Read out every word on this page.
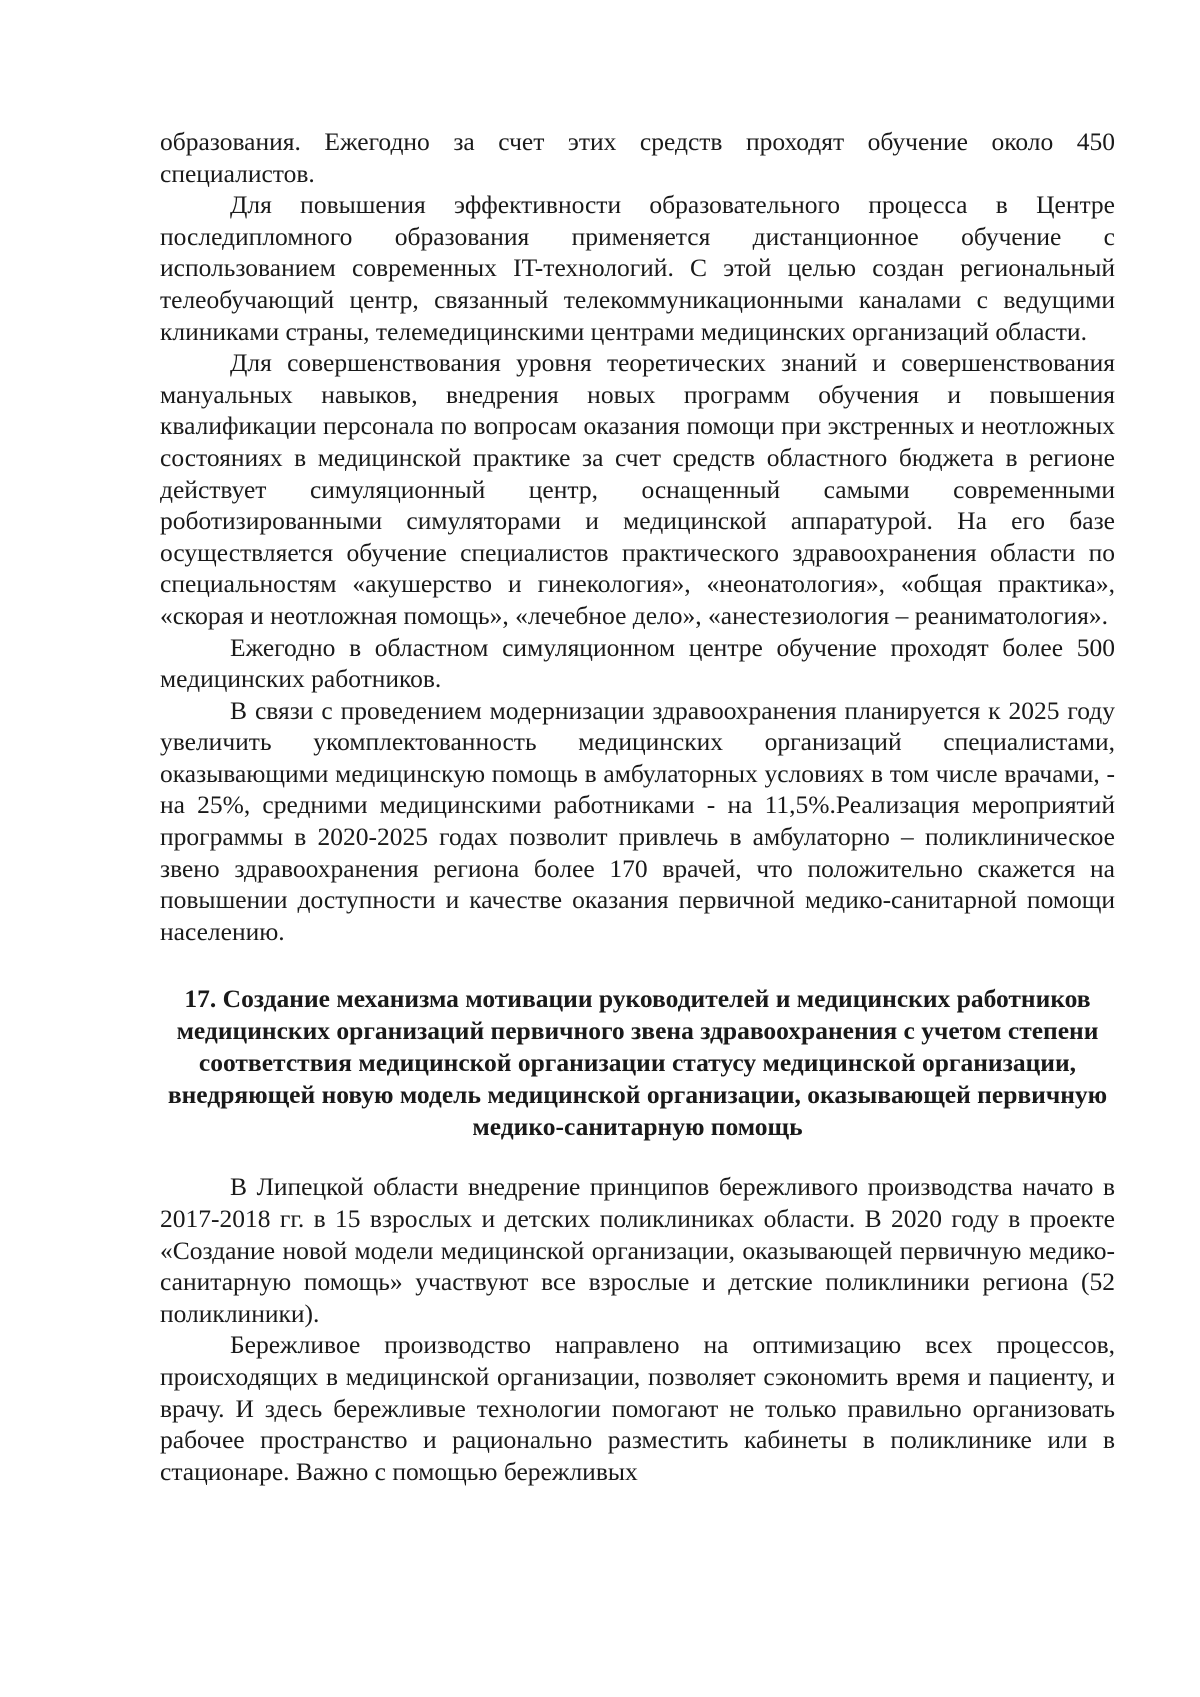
образования. Ежегодно за счет этих средств проходят обучение около 450 специалистов.

Для повышения эффективности образовательного процесса в Центре последипломного образования применяется дистанционное обучение с использованием современных IT-технологий. С этой целью создан региональный телеобучающий центр, связанный телекоммуникационными каналами с ведущими клиниками страны, телемедицинскими центрами медицинских организаций области.

Для совершенствования уровня теоретических знаний и совершенствования мануальных навыков, внедрения новых программ обучения и повышения квалификации персонала по вопросам оказания помощи при экстренных и неотложных состояниях в медицинской практике за счет средств областного бюджета в регионе действует симуляционный центр, оснащенный самыми современными роботизированными симуляторами и медицинской аппаратурой. На его базе осуществляется обучение специалистов практического здравоохранения области по специальностям «акушерство и гинекология», «неонатология», «общая практика», «скорая и неотложная помощь», «лечебное дело», «анестезиология – реаниматология».

Ежегодно в областном симуляционном центре обучение проходят более 500 медицинских работников.

В связи с проведением модернизации здравоохранения планируется к 2025 году увеличить укомплектованность медицинских организаций специалистами, оказывающими медицинскую помощь в амбулаторных условиях в том числе врачами, - на 25%, средними медицинскими работниками - на 11,5%.Реализация мероприятий программы в 2020-2025 годах позволит привлечь в амбулаторно – поликлиническое звено здравоохранения региона более 170 врачей, что положительно скажется на повышении доступности и качестве оказания первичной медико-санитарной помощи населению.

17. Создание механизма мотивации руководителей и медицинских работников медицинских организаций первичного звена здравоохранения с учетом степени соответствия медицинской организации статусу медицинской организации, внедряющей новую модель медицинской организации, оказывающей первичную медико-санитарную помощь

В Липецкой области внедрение принципов бережливого производства начато в 2017-2018 гг. в 15 взрослых и детских поликлиниках области. В 2020 году в проекте «Создание новой модели медицинской организации, оказывающей первичную медико-санитарную помощь» участвуют все взрослые и детские поликлиники региона (52 поликлиники).

Бережливое производство направлено на оптимизацию всех процессов, происходящих в медицинской организации, позволяет сэкономить время и пациенту, и врачу. И здесь бережливые технологии помогают не только правильно организовать рабочее пространство и рационально разместить кабинеты в поликлинике или в стационаре. Важно с помощью бережливых
